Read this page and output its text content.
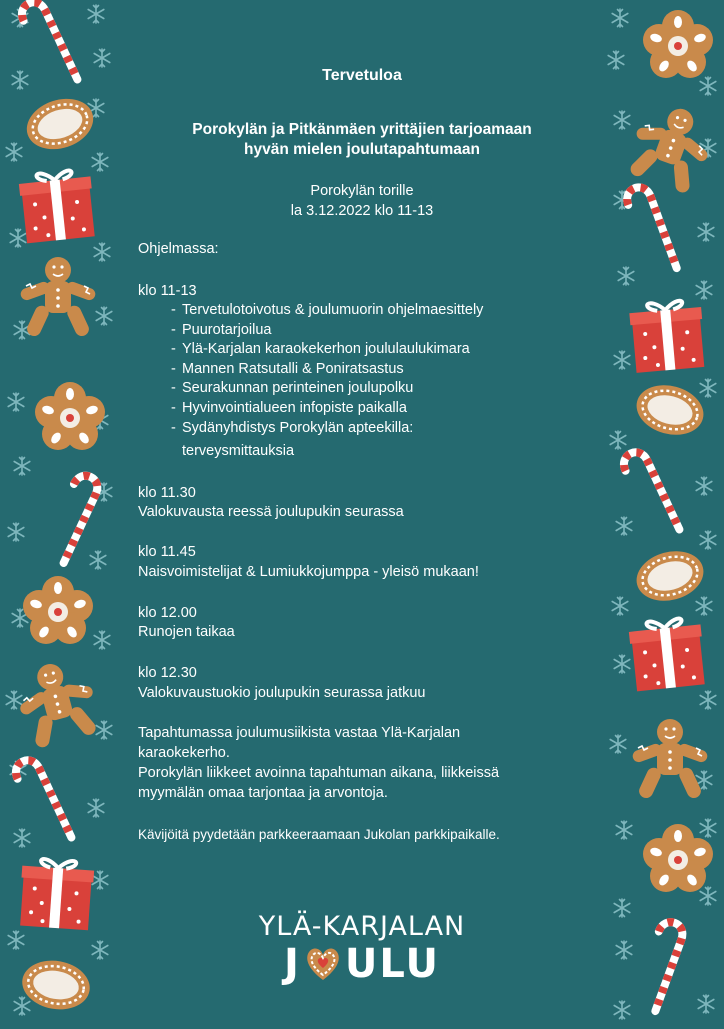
Tervetuloa
Porokylän ja Pitkänmäen yrittäjien tarjoamaan
hyvän mielen joulutapahtumaan
Porokylän torille
la 3.12.2022 klo 11-13
Ohjelmassa:
klo 11-13
- Tervetulotoivotus & joulumuorin ohjelmaesittely
- Puurotarjoilua
- Ylä-Karjalan karaokekerhon joululaulukimara
- Mannen Ratsutalli & Poniratsastus
- Seurakunnan perinteinen joulupolku
- Hyvinvointialueen infopiste paikalla
- Sydänyhdistys Porokylän apteekilla:
terveysmittauksia
klo 11.30
Valokuvausta reessä joulupukin seurassa
klo 11.45
Naisvoimistelijat & Lumiukkojumppa - yleisö mukaan!
klo 12.00
Runojen taikaa
klo 12.30
Valokuvaustuokio joulupukin seurassa jatkuu
Tapahtumassa joulumusiikista vastaa Ylä-Karjalan
karaokekerho.
Porokylän liikkeet avoinna tapahtuman aikana, liikkeissä
myymälän omaa tarjontaa ja arvontoja.
Kävijöitä pyydetään parkkeeraamaan Jukolan parkkipaikalle.
YLÄ-KARJALAN
J ULU
